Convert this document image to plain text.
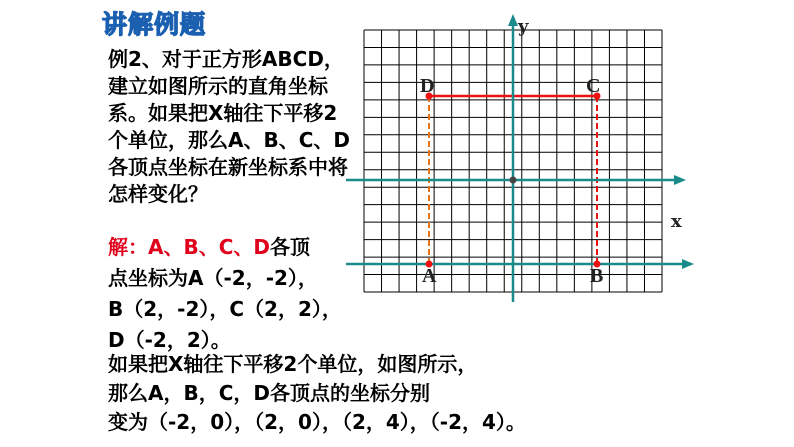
讲解例题
例2、对于正方形ABCD，建立如图所示的直角坐标系。如果把X轴往下平移2个单位，那么A、B、C、D各顶点坐标在新坐标系中将怎样变化？
解：A、B、C、D各顶
点坐标为A（-2，-2），
B（2，-2），C（2，2），
D（-2，2）。
如果把X轴往下平移2个单位，如图所示，
那么A，B，C，D各顶点的坐标分别
变为（-2，0），（2，0），（2，4），（-2，4）。
y
x
D	C
A	B
